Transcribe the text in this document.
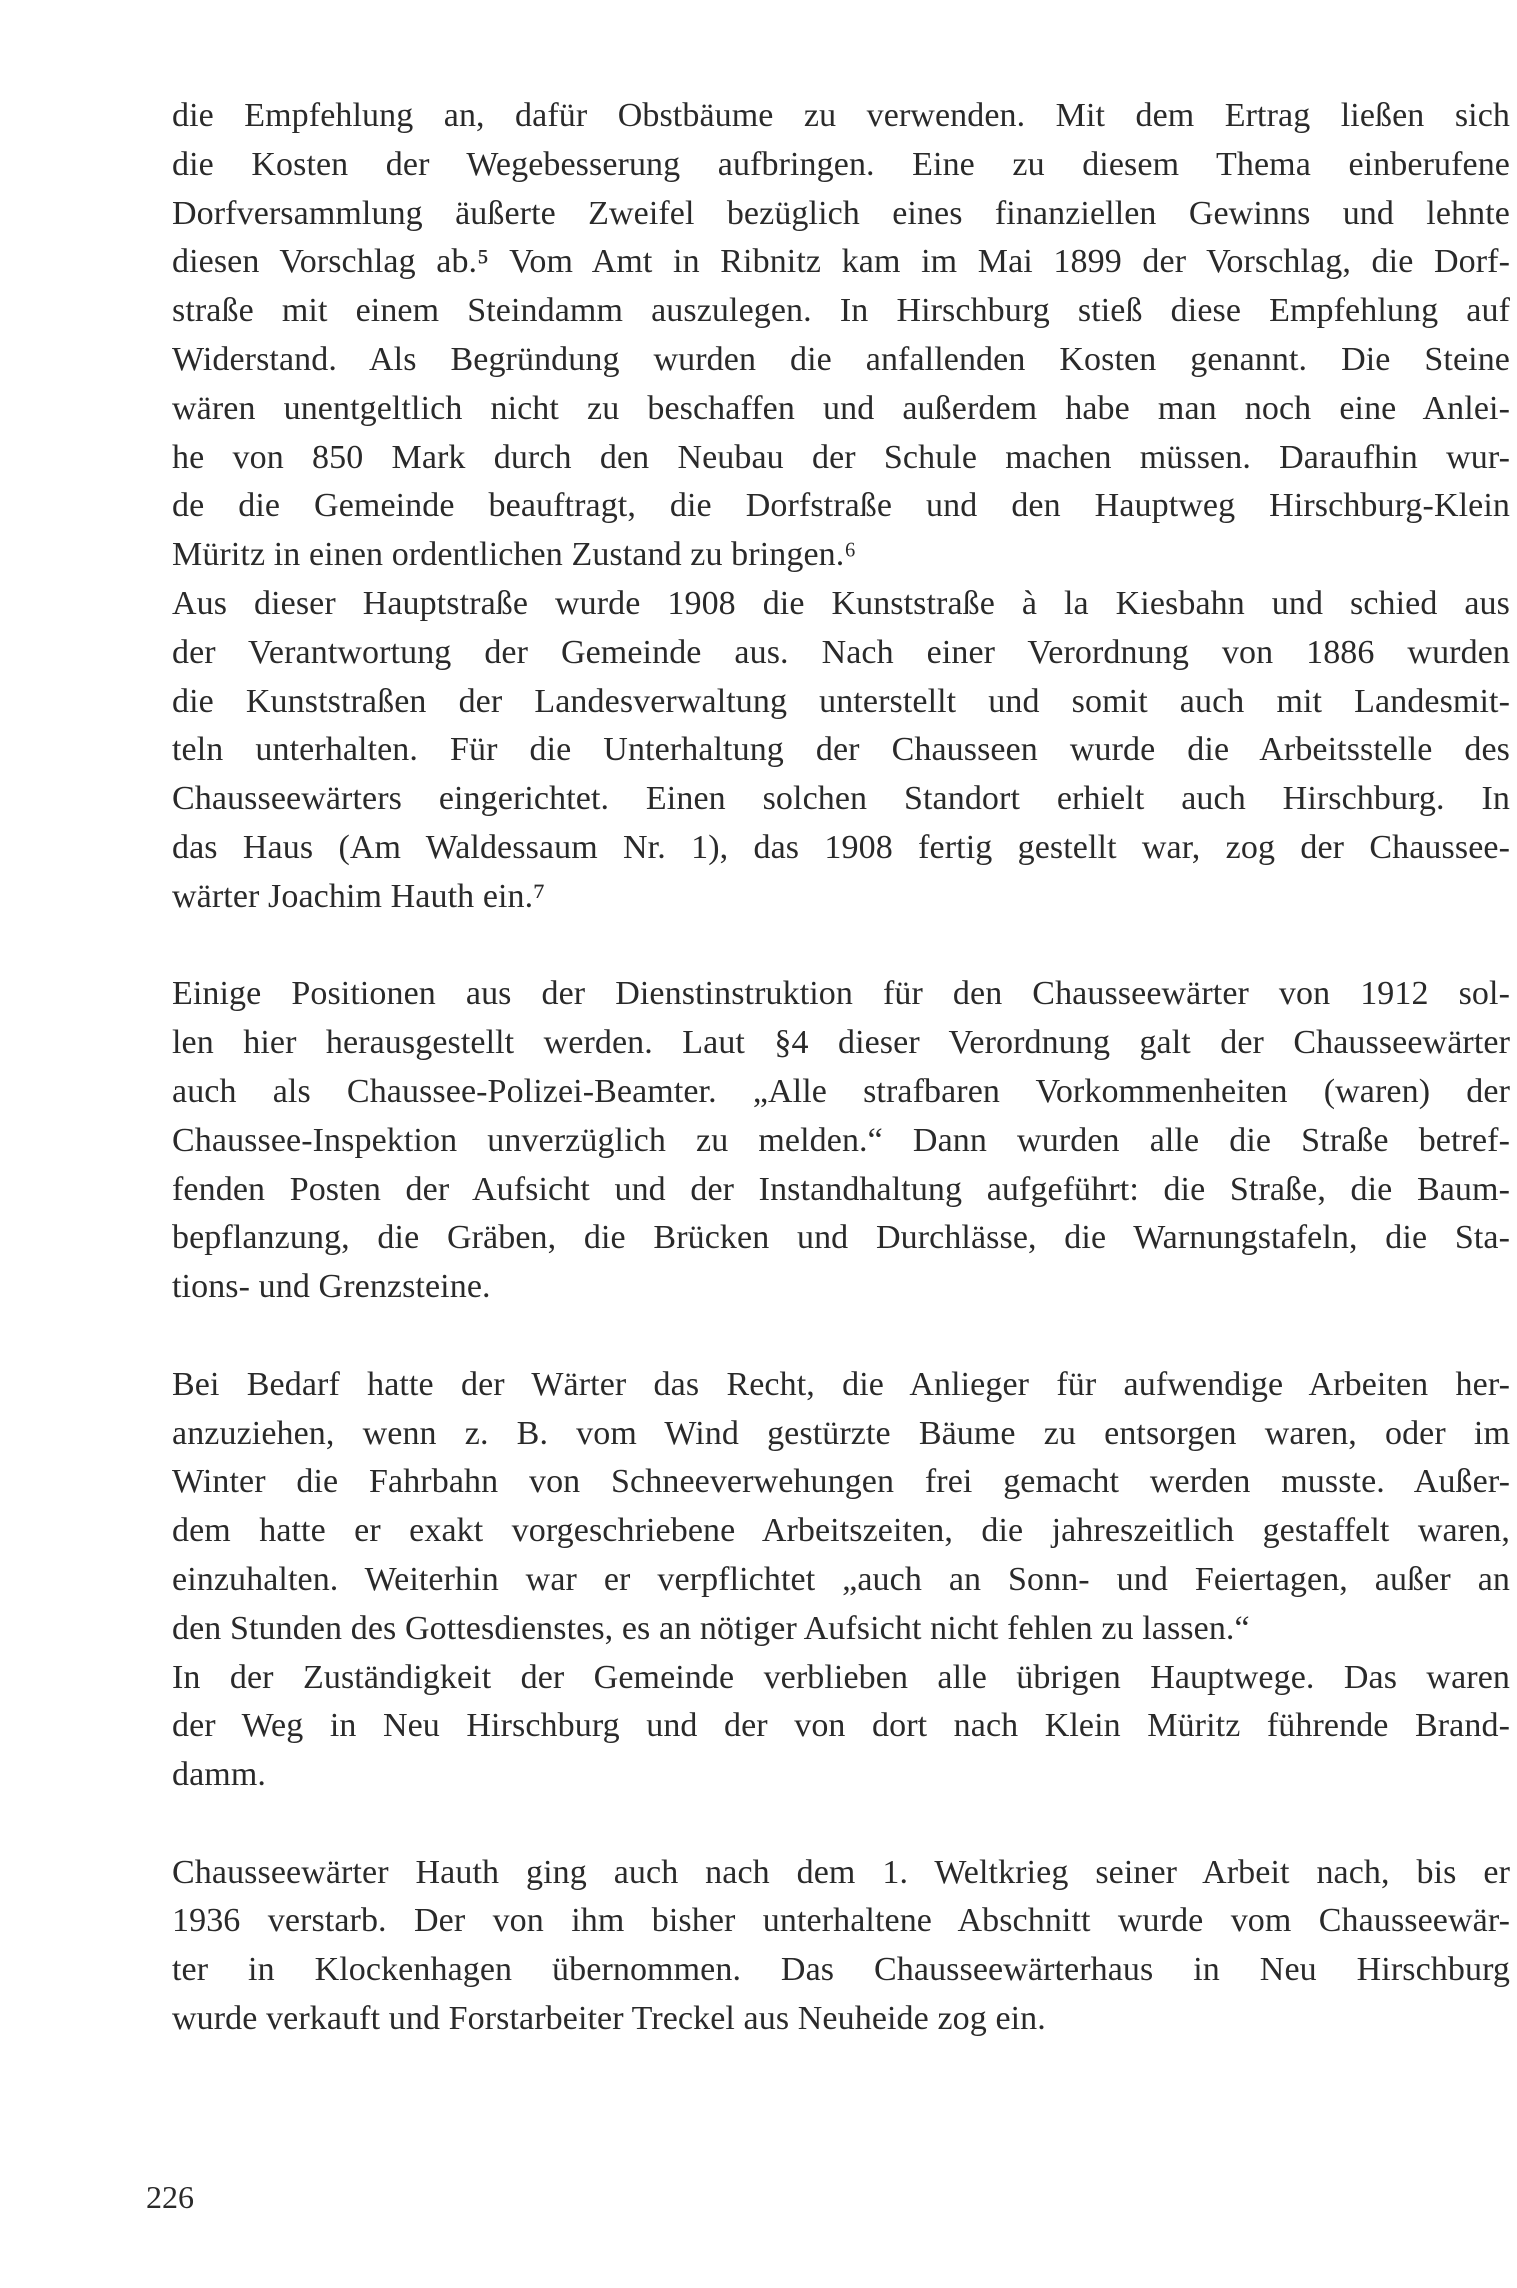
die Empfehlung an, dafür Obstbäume zu verwenden. Mit dem Ertrag ließen sich
die Kosten der Wegebesserung aufbringen. Eine zu diesem Thema einberufene
Dorfversammlung äußerte Zweifel bezüglich eines finanziellen Gewinns und lehnte
diesen Vorschlag ab.⁵ Vom Amt in Ribnitz kam im Mai 1899 der Vorschlag, die Dorf-
straße mit einem Steindamm auszulegen. In Hirschburg stieß diese Empfehlung auf
Widerstand. Als Begründung wurden die anfallenden Kosten genannt. Die Steine
wären unentgeltlich nicht zu beschaffen und außerdem habe man noch eine Anlei-
he von 850 Mark durch den Neubau der Schule machen müssen. Daraufhin wur-
de die Gemeinde beauftragt, die Dorfstraße und den Hauptweg Hirschburg-Klein
Müritz in einen ordentlichen Zustand zu bringen.⁶
Aus dieser Hauptstraße wurde 1908 die Kunststraße à la Kiesbahn und schied aus
der Verantwortung der Gemeinde aus. Nach einer Verordnung von 1886 wurden
die Kunststraßen der Landesverwaltung unterstellt und somit auch mit Landesmit-
teln unterhalten. Für die Unterhaltung der Chausseen wurde die Arbeitsstelle des
Chausseewärters eingerichtet. Einen solchen Standort erhielt auch Hirschburg. In
das Haus (Am Waldessaum Nr. 1), das 1908 fertig gestellt war, zog der Chaussee-
wärter Joachim Hauth ein.⁷
Einige Positionen aus der Dienstinstruktion für den Chausseewärter von 1912 sol-
len hier herausgestellt werden. Laut §4 dieser Verordnung galt der Chausseewärter
auch als Chaussee-Polizei-Beamter. „Alle strafbaren Vorkommenheiten (waren) der
Chaussee-Inspektion unverzüglich zu melden.“ Dann wurden alle die Straße betref-
fenden Posten der Aufsicht und der Instandhaltung aufgeführt: die Straße, die Baum-
bepflanzung, die Gräben, die Brücken und Durchlässe, die Warnungstafeln, die Sta-
tions- und Grenzsteine.
Bei Bedarf hatte der Wärter das Recht, die Anlieger für aufwendige Arbeiten her-
anzuziehen, wenn z. B. vom Wind gestürzte Bäume zu entsorgen waren, oder im
Winter die Fahrbahn von Schneeverwehungen frei gemacht werden musste. Außer-
dem hatte er exakt vorgeschriebene Arbeitszeiten, die jahreszeitlich gestaffelt waren,
einzuhalten. Weiterhin war er verpflichtet „auch an Sonn- und Feiertagen, außer an
den Stunden des Gottesdienstes, es an nötiger Aufsicht nicht fehlen zu lassen.“
In der Zuständigkeit der Gemeinde verblieben alle übrigen Hauptwege. Das waren
der Weg in Neu Hirschburg und der von dort nach Klein Müritz führende Brand-
damm.
Chausseewärter Hauth ging auch nach dem 1. Weltkrieg seiner Arbeit nach, bis er
1936 verstarb. Der von ihm bisher unterhaltene Abschnitt wurde vom Chausseewär-
ter in Klockenhagen übernommen. Das Chausseewärterhaus in Neu Hirschburg
wurde verkauft und Forstarbeiter Treckel aus Neuheide zog ein.
226
